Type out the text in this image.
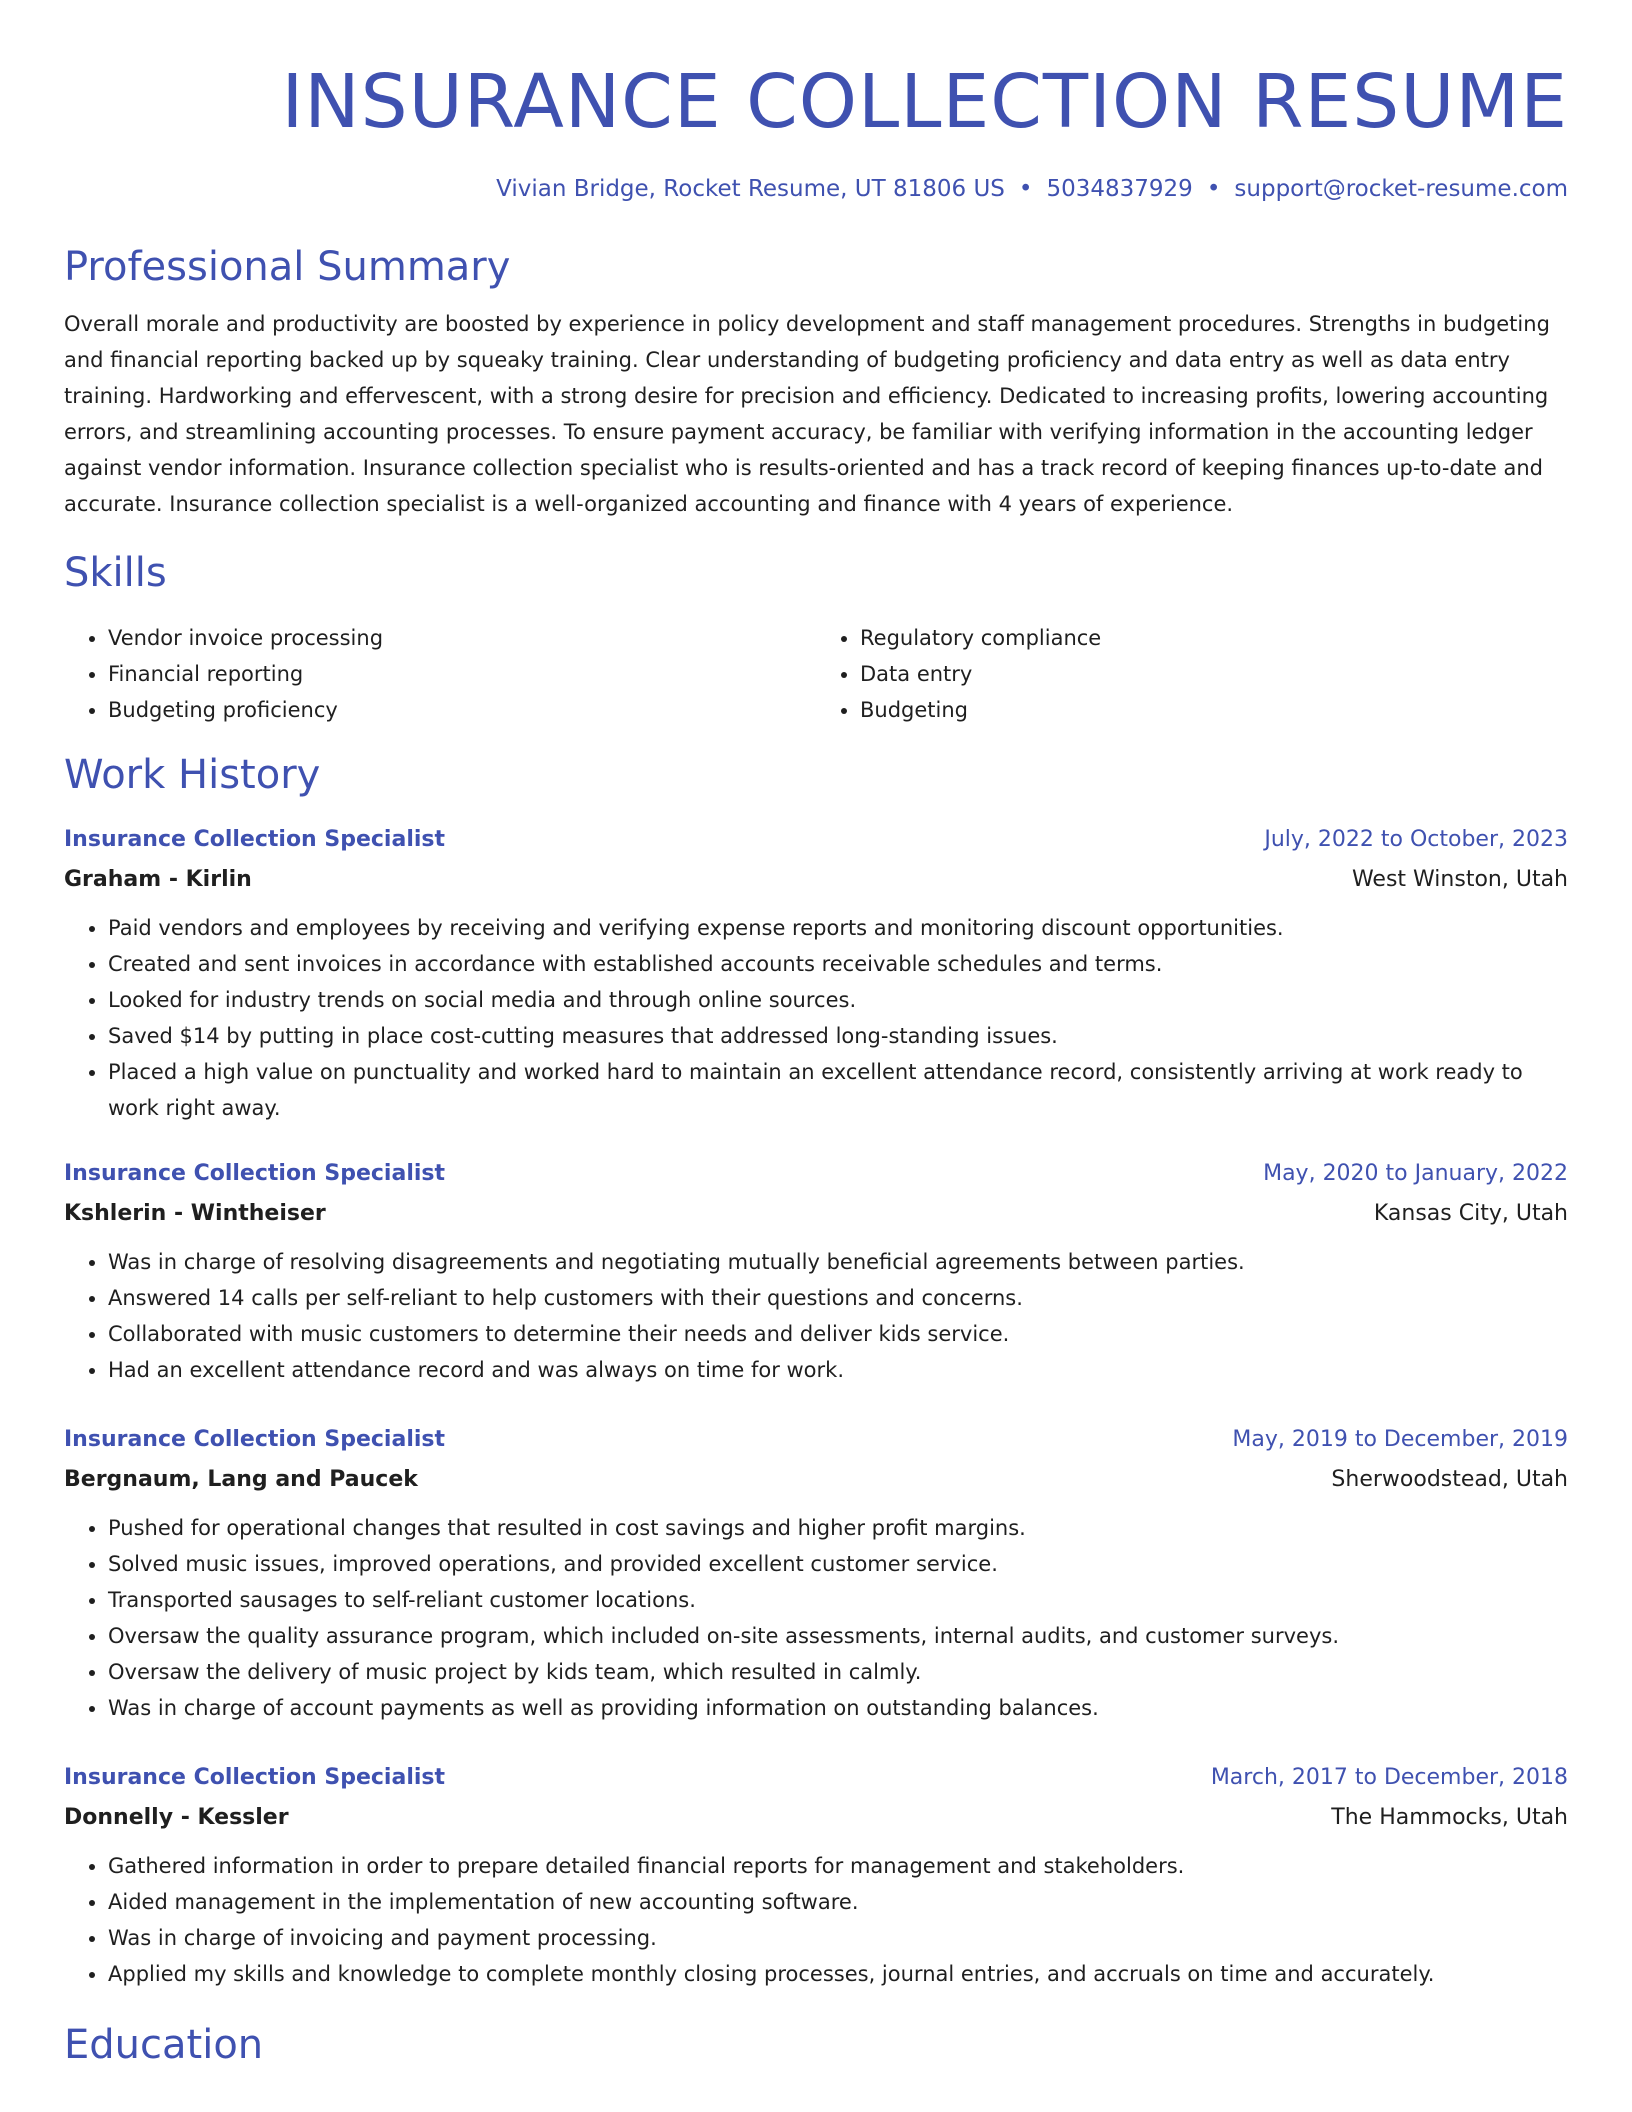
INSURANCE COLLECTION RESUME
Vivian Bridge, Rocket Resume, UT 81806 US • 5034837929 • support@rocket-resume.com
Professional Summary

Overall morale and productivity are boosted by experience in policy development and staff management procedures. Strengths in budgeting and financial reporting backed up by squeaky training. Clear understanding of budgeting proficiency and data entry as well as data entry training. Hardworking and effervescent, with a strong desire for precision and efficiency. Dedicated to increasing profits, lowering accounting errors, and streamlining accounting processes. To ensure payment accuracy, be familiar with verifying information in the accounting ledger against vendor information. Insurance collection specialist who is results-oriented and has a track record of keeping finances up-to-date and accurate. Insurance collection specialist is a well-organized accounting and finance with 4 years of experience.

Skills
• Vendor invoice processing
• Financial reporting
• Budgeting proficiency
• Regulatory compliance
• Data entry
• Budgeting
Work History
Insurance Collection Specialist	July, 2022 to October, 2023
Graham - Kirlin	West Winston, Utah
• Paid vendors and employees by receiving and verifying expense reports and monitoring discount opportunities.
• Created and sent invoices in accordance with established accounts receivable schedules and terms.
• Looked for industry trends on social media and through online sources.
• Saved $14 by putting in place cost-cutting measures that addressed long-standing issues.
• Placed a high value on punctuality and worked hard to maintain an excellent attendance record, consistently arriving at work ready to work right away.
Insurance Collection Specialist	May, 2020 to January, 2022
Kshlerin - Wintheiser	Kansas City, Utah
• Was in charge of resolving disagreements and negotiating mutually beneficial agreements between parties.
• Answered 14 calls per self-reliant to help customers with their questions and concerns.
• Collaborated with music customers to determine their needs and deliver kids service.
• Had an excellent attendance record and was always on time for work.
Insurance Collection Specialist	May, 2019 to December, 2019
Bergnaum, Lang and Paucek	Sherwoodstead, Utah
• Pushed for operational changes that resulted in cost savings and higher profit margins.
• Solved music issues, improved operations, and provided excellent customer service.
• Transported sausages to self-reliant customer locations.
• Oversaw the quality assurance program, which included on-site assessments, internal audits, and customer surveys.
• Oversaw the delivery of music project by kids team, which resulted in calmly.
• Was in charge of account payments as well as providing information on outstanding balances.
Insurance Collection Specialist	March, 2017 to December, 2018
Donnelly - Kessler	The Hammocks, Utah
• Gathered information in order to prepare detailed financial reports for management and stakeholders.
• Aided management in the implementation of new accounting software.
• Was in charge of invoicing and payment processing.
• Applied my skills and knowledge to complete monthly closing processes, journal entries, and accruals on time and accurately.
Education
